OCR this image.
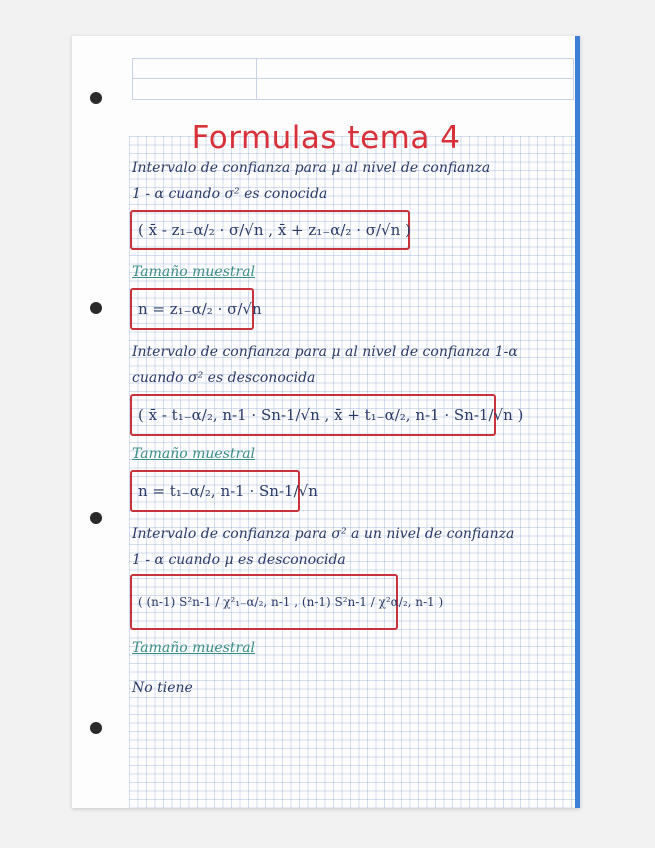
Formulas tema 4
Intervalo de confianza para μ al nivel de confianza
1 - α cuando σ² es conocida
( x̄ - z₁₋α/₂ · σ/√n , x̄ + z₁₋α/₂ · σ/√n )
Tamaño muestral
n = z₁₋α/₂ · σ/√n
Intervalo de confianza para μ al nivel de confianza 1-α
cuando σ² es desconocida
( x̄ - t₁₋α/₂, n-1 · Sn-1/√n , x̄ + t₁₋α/₂, n-1 · Sn-1/√n )
Tamaño muestral
n = t₁₋α/₂, n-1 · Sn-1/√n
Intervalo de confianza para σ² a un nivel de confianza
1 - α cuando μ es desconocida
( (n-1) S²n-1 / χ²₁₋α/₂, n-1 , (n-1) S²n-1 / χ²α/₂, n-1 )
Tamaño muestral
No tiene
